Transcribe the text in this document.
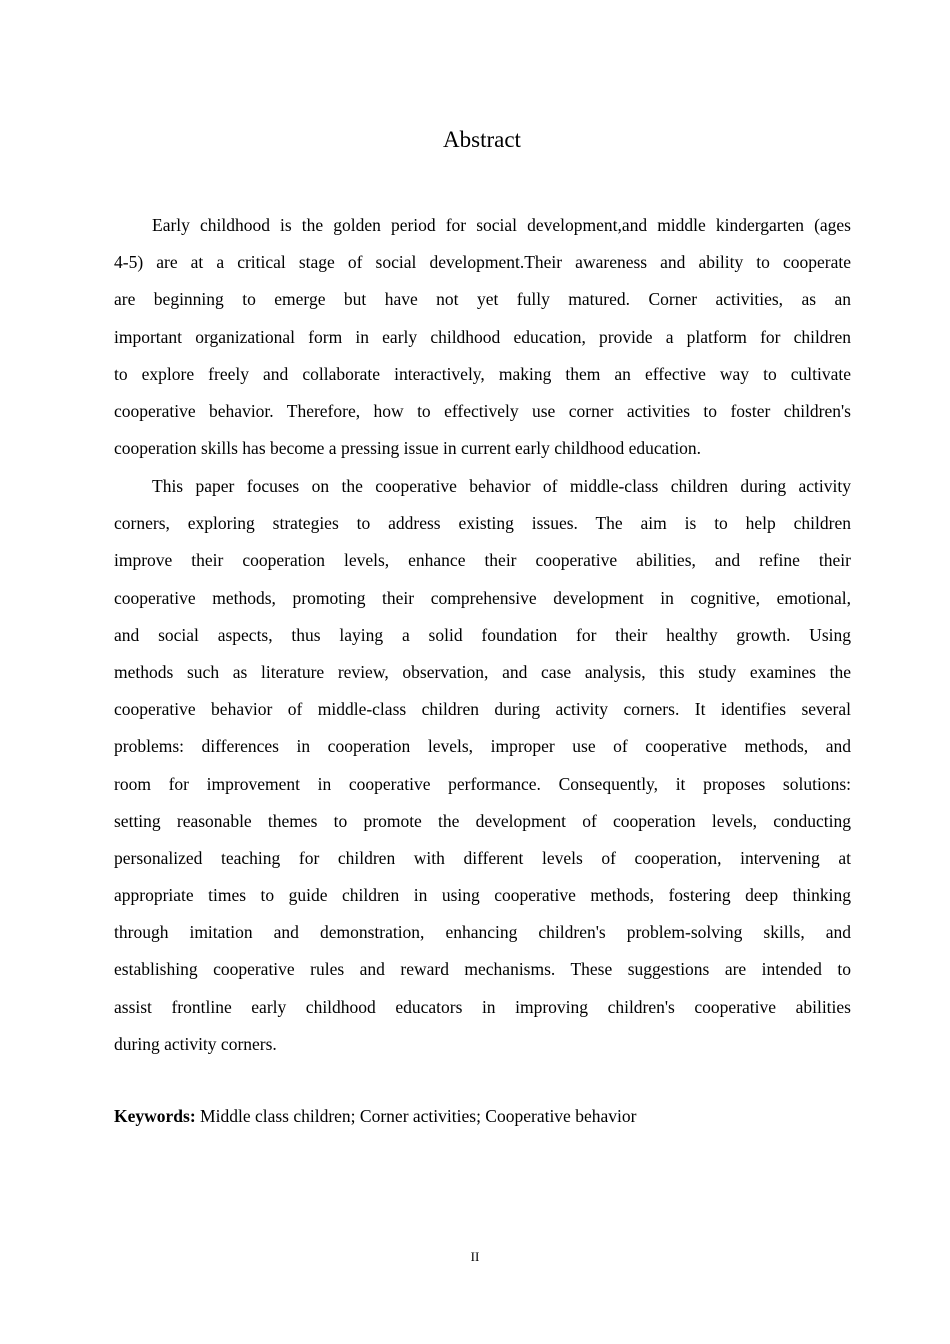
Abstract
Early childhood is the golden period for social development,and middle kindergarten (ages
4-5) are at a critical stage of social development.Their awareness and ability to cooperate
are beginning to emerge but have not yet fully matured. Corner activities, as an
important organizational form in early childhood education, provide a platform for children
to explore freely and collaborate interactively, making them an effective way to cultivate
cooperative behavior. Therefore, how to effectively use corner activities to foster children's
cooperation skills has become a pressing issue in current early childhood education.
This paper focuses on the cooperative behavior of middle-class children during activity
corners, exploring strategies to address existing issues. The aim is to help children
improve their cooperation levels, enhance their cooperative abilities, and refine their
cooperative methods, promoting their comprehensive development in cognitive, emotional,
and social aspects, thus laying a solid foundation for their healthy growth. Using
methods such as literature review, observation, and case analysis, this study examines the
cooperative behavior of middle-class children during activity corners. It identifies several
problems: differences in cooperation levels, improper use of cooperative methods, and
room for improvement in cooperative performance. Consequently, it proposes solutions:
setting reasonable themes to promote the development of cooperation levels, conducting
personalized teaching for children with different levels of cooperation, intervening at
appropriate times to guide children in using cooperative methods, fostering deep thinking
through imitation and demonstration, enhancing children's problem-solving skills, and
establishing cooperative rules and reward mechanisms. These suggestions are intended to
assist frontline early childhood educators in improving children's cooperative abilities
during activity corners.
Keywords: Middle class children; Corner activities; Cooperative behavior
II
